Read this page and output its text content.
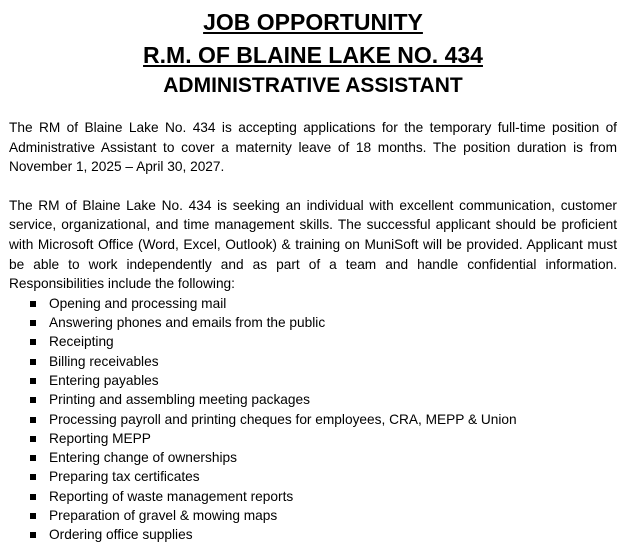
JOB OPPORTUNITY
R.M. OF BLAINE LAKE NO. 434
ADMINISTRATIVE ASSISTANT

The RM of Blaine Lake No. 434 is accepting applications for the temporary full-time position of Administrative Assistant to cover a maternity leave of 18 months. The position duration is from November 1, 2025 – April 30, 2027.

The RM of Blaine Lake No. 434 is seeking an individual with excellent communication, customer service, organizational, and time management skills. The successful applicant should be proficient with Microsoft Office (Word, Excel, Outlook) & training on MuniSoft will be provided. Applicant must be able to work independently and as part of a team and handle confidential information. Responsibilities include the following:

Opening and processing mail
Answering phones and emails from the public
Receipting
Billing receivables
Entering payables
Printing and assembling meeting packages
Processing payroll and printing cheques for employees, CRA, MEPP & Union
Reporting MEPP
Entering change of ownerships
Preparing tax certificates
Reporting of waste management reports
Preparation of gravel & mowing maps
Ordering office supplies
